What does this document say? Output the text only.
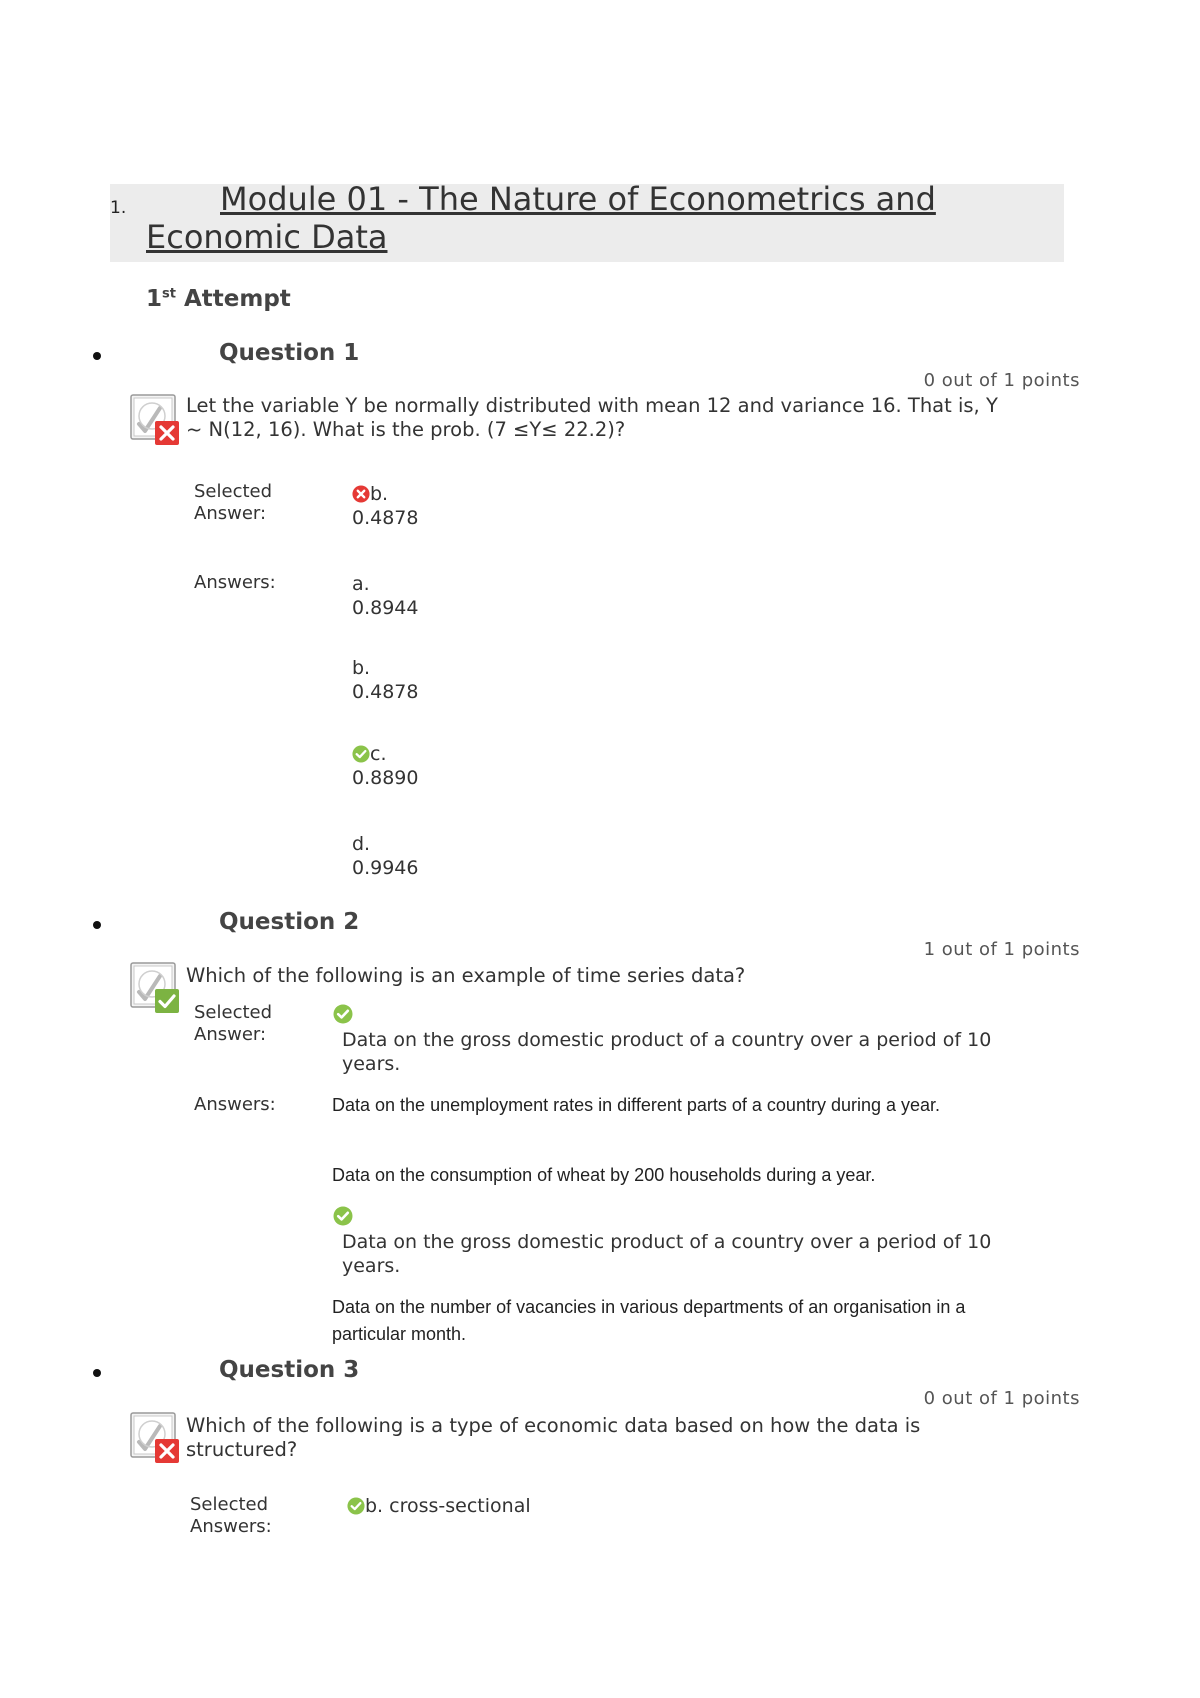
1.	Module 01 - The Nature of Econometrics and Economic Data
1st Attempt
Question 1
0 out of 1 points
Let the variable Y be normally distributed with mean 12 and variance 16. That is, Y ~ N(12, 16). What is the prob. (7 ≤Y≤ 22.2)?
Selected Answer:
b. 0.4878
Answers:	a. 0.8944
b. 0.4878
c. 0.8890
d. 0.9946
Question 2
1 out of 1 points
Which of the following is an example of time series data?
Selected Answer:	Data on the gross domestic product of a country over a period of 10 years.
Answers:	Data on the unemployment rates in different parts of a country during a year.
Data on the consumption of wheat by 200 households during a year.
Data on the gross domestic product of a country over a period of 10 years.
Data on the number of vacancies in various departments of an organisation in a particular month.
Question 3
0 out of 1 points
Which of the following is a type of economic data based on how the data is structured?
Selected Answers:
b. cross-sectional
